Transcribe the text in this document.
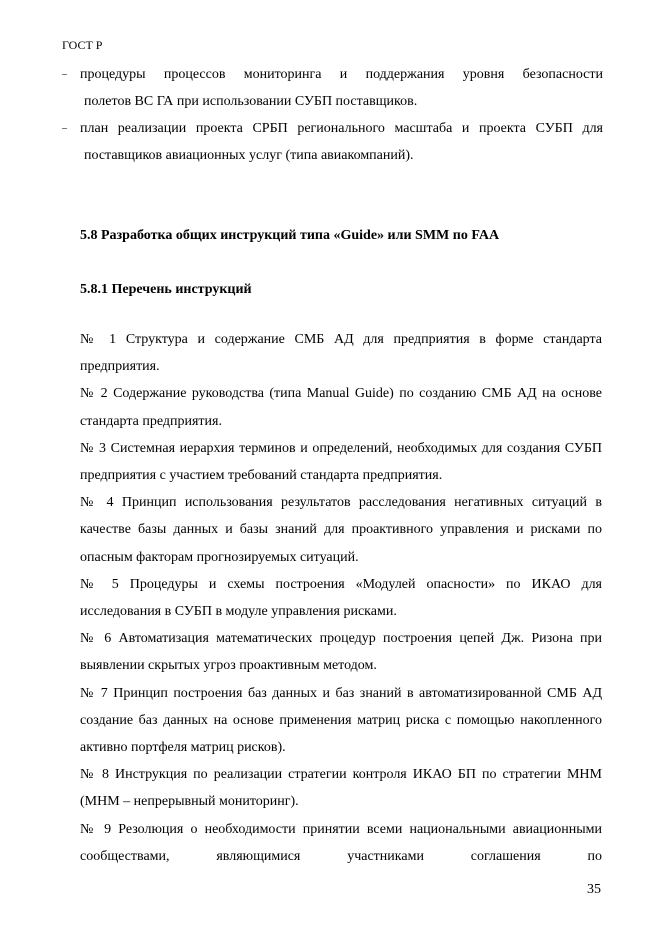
ГОСТ Р
– процедуры процессов мониторинга и поддержания уровня безопасности
полетов ВС ГА при использовании СУБП поставщиков.
– план реализации проекта СРБП регионального масштаба и проекта СУБП для
поставщиков авиационных услуг (типа авиакомпаний).
5.8 Разработка общих инструкций типа «Guide» или SMM по FAA
5.8.1 Перечень инструкций
№ 1 Структура и содержание СМБ АД для предприятия в форме стандарта предприятия.
№ 2 Содержание руководства (типа Manual Guide) по созданию СМБ АД на основе стандарта предприятия.
№ 3 Системная иерархия терминов и определений, необходимых для создания СУБП предприятия с участием требований стандарта предприятия.
№ 4 Принцип использования результатов расследования негативных ситуаций в качестве базы данных и базы знаний для проактивного управления и рисками по опасным факторам прогнозируемых ситуаций.
№ 5 Процедуры и схемы построения «Модулей опасности» по ИКАО для исследования в СУБП в модуле управления рисками.
№ 6 Автоматизация математических процедур построения цепей Дж. Ризона при выявлении скрытых угроз проактивным методом.
№ 7 Принцип построения баз данных и баз знаний в автоматизированной СМБ АД создание баз данных на основе применения матриц риска с помощью накопленного активно портфеля матриц рисков).
№ 8 Инструкция по реализации стратегии контроля ИКАО БП по стратегии МНМ (МНМ – непрерывный мониторинг).
№ 9 Резолюция о необходимости принятии всеми национальными авиационными сообществами, являющимися участниками соглашения по
35
